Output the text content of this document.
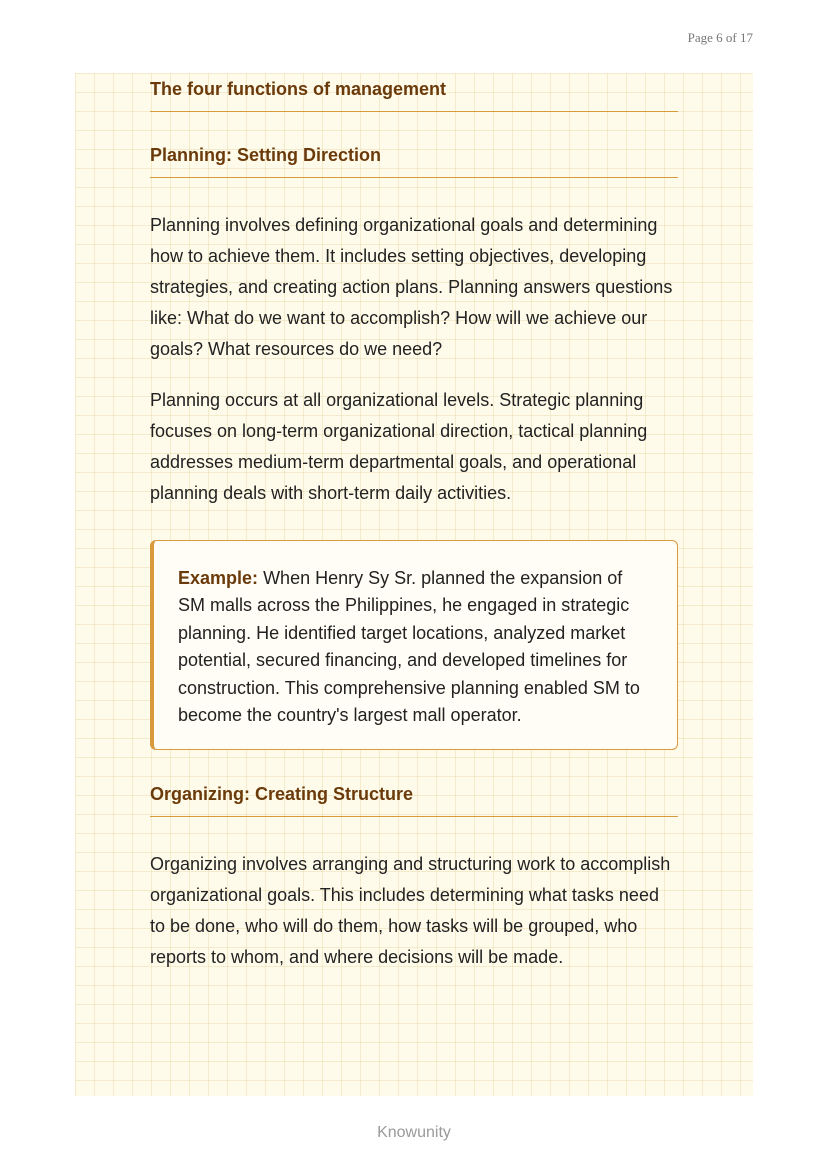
Page 6 of 17
The four functions of management
Planning: Setting Direction

Planning involves defining organizational goals and determining how to achieve them. It includes setting objectives, developing strategies, and creating action plans. Planning answers questions like: What do we want to accomplish? How will we achieve our goals? What resources do we need?

Planning occurs at all organizational levels. Strategic planning focuses on long-term organizational direction, tactical planning addresses medium-term departmental goals, and operational planning deals with short-term daily activities.

Example: When Henry Sy Sr. planned the expansion of SM malls across the Philippines, he engaged in strategic planning. He identified target locations, analyzed market potential, secured financing, and developed timelines for construction. This comprehensive planning enabled SM to become the country's largest mall operator.
Organizing: Creating Structure

Organizing involves arranging and structuring work to accomplish organizational goals. This includes determining what tasks need to be done, who will do them, how tasks will be grouped, who reports to whom, and where decisions will be made.

Knowunity
